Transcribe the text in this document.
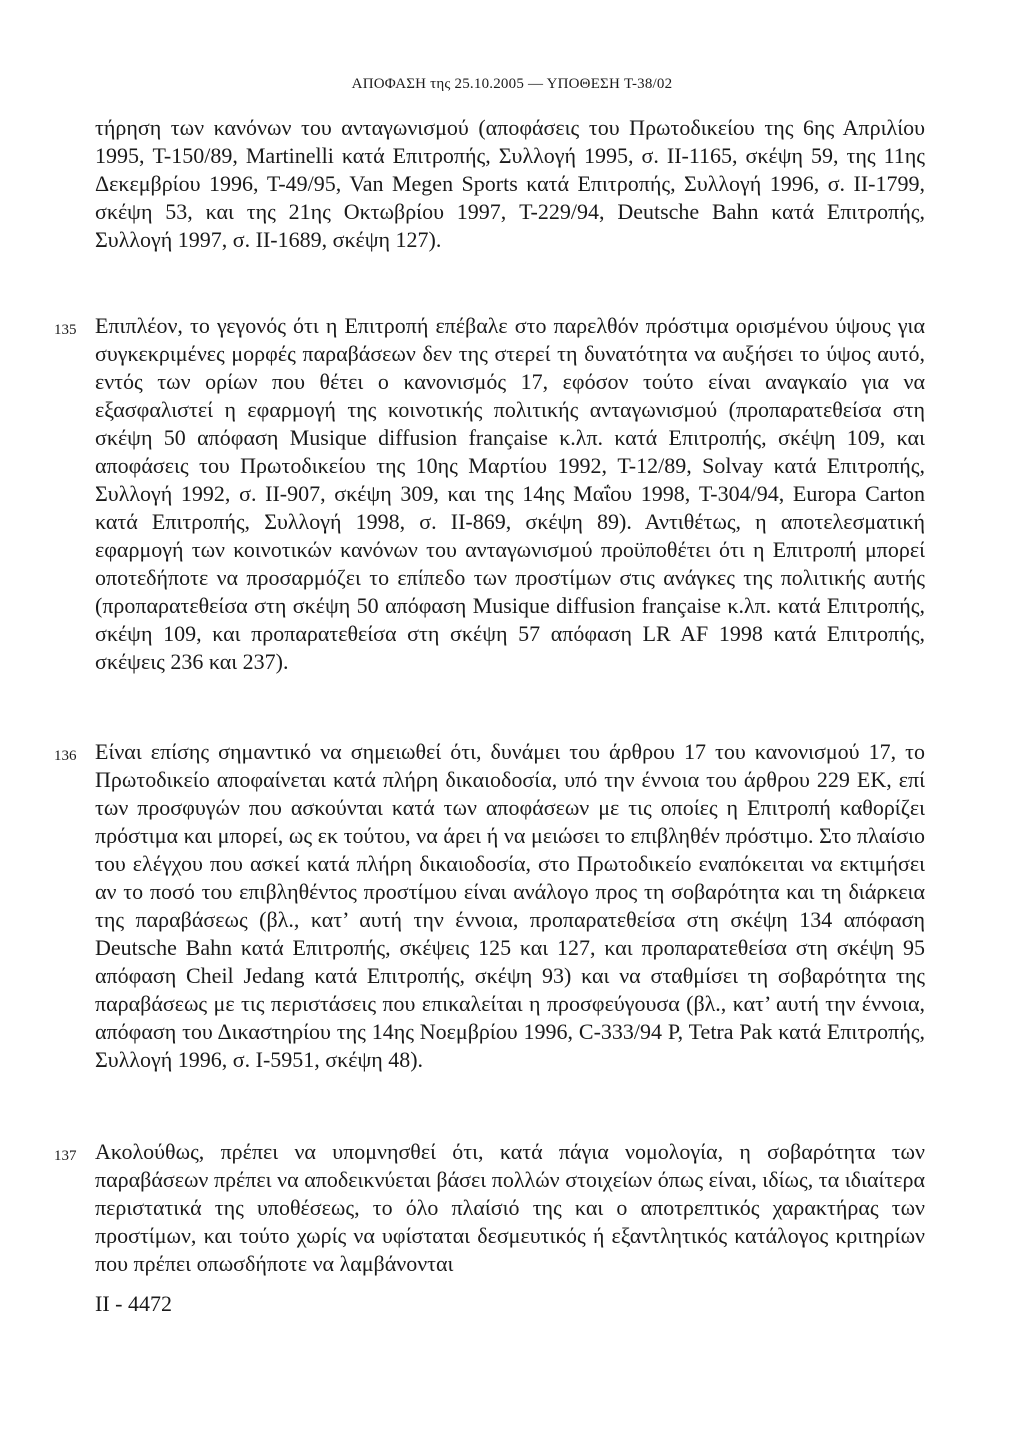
ΑΠΟΦΑΣΗ της 25.10.2005 — ΥΠΟΘΕΣΗ T-38/02

τήρηση των κανόνων του ανταγωνισμού (αποφάσεις του Πρωτοδικείου της 6ης Απριλίου 1995, T-150/89, Martinelli κατά Επιτροπής, Συλλογή 1995, σ. II-1165, σκέψη 59, της 11ης Δεκεμβρίου 1996, T-49/95, Van Megen Sports κατά Επιτροπής, Συλλογή 1996, σ. II-1799, σκέψη 53, και της 21ης Οκτωβρίου 1997, T-229/94, Deutsche Bahn κατά Επιτροπής, Συλλογή 1997, σ. II-1689, σκέψη 127).

135 Επιπλέον, το γεγονός ότι η Επιτροπή επέβαλε στο παρελθόν πρόστιμα ορισμένου ύψους για συγκεκριμένες μορφές παραβάσεων δεν της στερεί τη δυνατότητα να αυξήσει το ύψος αυτό, εντός των ορίων που θέτει ο κανονισμός 17, εφόσον τούτο είναι αναγκαίο για να εξασφαλιστεί η εφαρμογή της κοινοτικής πολιτικής ανταγωνισμού (προπαρατεθείσα στη σκέψη 50 απόφαση Musique diffusion française κ.λπ. κατά Επιτροπής, σκέψη 109, και αποφάσεις του Πρωτοδικείου της 10ης Μαρτίου 1992, T-12/89, Solvay κατά Επιτροπής, Συλλογή 1992, σ. II-907, σκέψη 309, και της 14ης Μαΐου 1998, T-304/94, Europa Carton κατά Επιτροπής, Συλλογή 1998, σ. II-869, σκέψη 89). Αντιθέτως, η αποτελεσματική εφαρμογή των κοινοτικών κανόνων του ανταγωνισμού προϋποθέτει ότι η Επιτροπή μπορεί οποτεδήποτε να προσαρμόζει το επίπεδο των προστίμων στις ανάγκες της πολιτικής αυτής (προπαρατεθείσα στη σκέψη 50 απόφαση Musique diffusion française κ.λπ. κατά Επιτροπής, σκέψη 109, και προπαρατεθείσα στη σκέψη 57 απόφαση LR AF 1998 κατά Επιτροπής, σκέψεις 236 και 237).

136 Είναι επίσης σημαντικό να σημειωθεί ότι, δυνάμει του άρθρου 17 του κανονισμού 17, το Πρωτοδικείο αποφαίνεται κατά πλήρη δικαιοδοσία, υπό την έννοια του άρθρου 229 ΕΚ, επί των προσφυγών που ασκούνται κατά των αποφάσεων με τις οποίες η Επιτροπή καθορίζει πρόστιμα και μπορεί, ως εκ τούτου, να άρει ή να μειώσει το επιβληθέν πρόστιμο. Στο πλαίσιο του ελέγχου που ασκεί κατά πλήρη δικαιοδοσία, στο Πρωτοδικείο εναπόκειται να εκτιμήσει αν το ποσό του επιβληθέντος προστίμου είναι ανάλογο προς τη σοβαρότητα και τη διάρκεια της παραβάσεως (βλ., κατ’ αυτή την έννοια, προπαρατεθείσα στη σκέψη 134 απόφαση Deutsche Bahn κατά Επιτροπής, σκέψεις 125 και 127, και προπαρατεθείσα στη σκέψη 95 απόφαση Cheil Jedang κατά Επιτροπής, σκέψη 93) και να σταθμίσει τη σοβαρότητα της παραβάσεως με τις περιστάσεις που επικαλείται η προσφεύγουσα (βλ., κατ’ αυτή την έννοια, απόφαση του Δικαστηρίου της 14ης Νοεμβρίου 1996, C-333/94 P, Tetra Pak κατά Επιτροπής, Συλλογή 1996, σ. I-5951, σκέψη 48).

137 Ακολούθως, πρέπει να υπομνησθεί ότι, κατά πάγια νομολογία, η σοβαρότητα των παραβάσεων πρέπει να αποδεικνύεται βάσει πολλών στοιχείων όπως είναι, ιδίως, τα ιδιαίτερα περιστατικά της υποθέσεως, το όλο πλαίσιό της και ο αποτρεπτικός χαρακτήρας των προστίμων, και τούτο χωρίς να υφίσταται δεσμευτικός ή εξαντλητικός κατάλογος κριτηρίων που πρέπει οπωσδήποτε να λαμβάνονται

II - 4472
